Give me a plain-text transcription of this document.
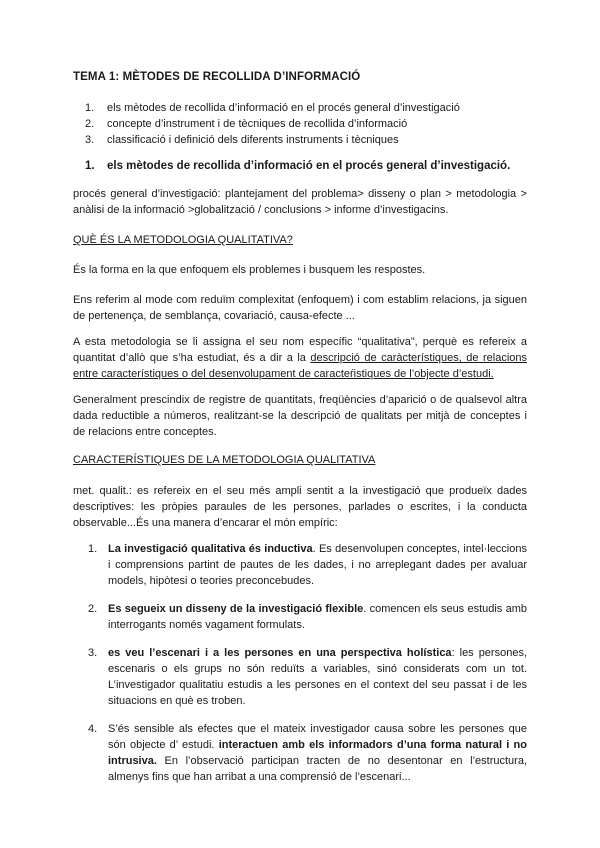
TEMA 1: MÈTODES DE RECOLLIDA D’INFORMACIÓ
1. els mètodes de recollida d’informació en el procés general d’investigació
2. concepte d’instrument i de tècniques de recollida d’informació
3. classificació i definició dels diferents instruments i tècniques
1. els mètodes de recollida d’informació en el procés general d’investigació.

procés general d’investigació: plantejament del problema> disseny o plan > metodologia > anàlisi de la informació >globalització / conclusions > informe d’investigacins.

QUÈ ÉS LA METODOLOGIA QUALITATIVA?

És la forma en la que enfoquem els problemes i busquem les respostes.

Ens referim al mode com reduïm complexitat (enfoquem) i com establim relacions, ja siguen de pertenença, de semblança, covariació, causa-efecte ...

A esta metodologia se li assigna el seu nom específic “qualitativa”, perquè es refereix a quantitat d’allò que s’ha estudiat, és a dir a la descripció de caràcterístiques, de relacions entre característiques o del desenvolupament de caracteŕistiques de l’objecte d’estudi.

Generalment prescindix de registre de quantitats, freqüències d’aparició o de qualsevol altra dada reductible a números, realitzant-se la descripció de qualitats per mitjà de conceptes i de relacions entre conceptes.

CARACTERÍSTIQUES DE LA METODOLOGIA QUALITATIVA

met. qualit.: es refereix en el seu més ampli sentit a la investigació que produeïx dades descriptives: les pròpies paraules de les persones, parlades o escrites, i la conducta observable...És una manera d’encarar el món empíric:

1. La investigació qualitativa és inductiva. Es desenvolupen conceptes, intel·leccions i comprensions partint de pautes de les dades, i no arreplegant dades per avaluar models, hipòtesi o teories preconcebudes.
2. Es segueix un disseny de la investigació flexible. comencen els seus estudis amb interrogants només vagament formulats.
3. es veu l’escenari i a les persones en una perspectiva holística: les persones, escenaris o els grups no són reduïts a variables, sinó considerats com un tot. L’investigador qualitatiu estudis a les persones en el context del seu passat i de les situacions en què es troben.
4. S’és sensible als efectes que el mateix investigador causa sobre les persones que són objecte d’ estudi. interactuen amb els informadors d’una forma natural i no intrusiva. En l’observació participan tracten de no desentonar en l’estructura, almenys fins que han arribat a una comprensió de l’escenari...
